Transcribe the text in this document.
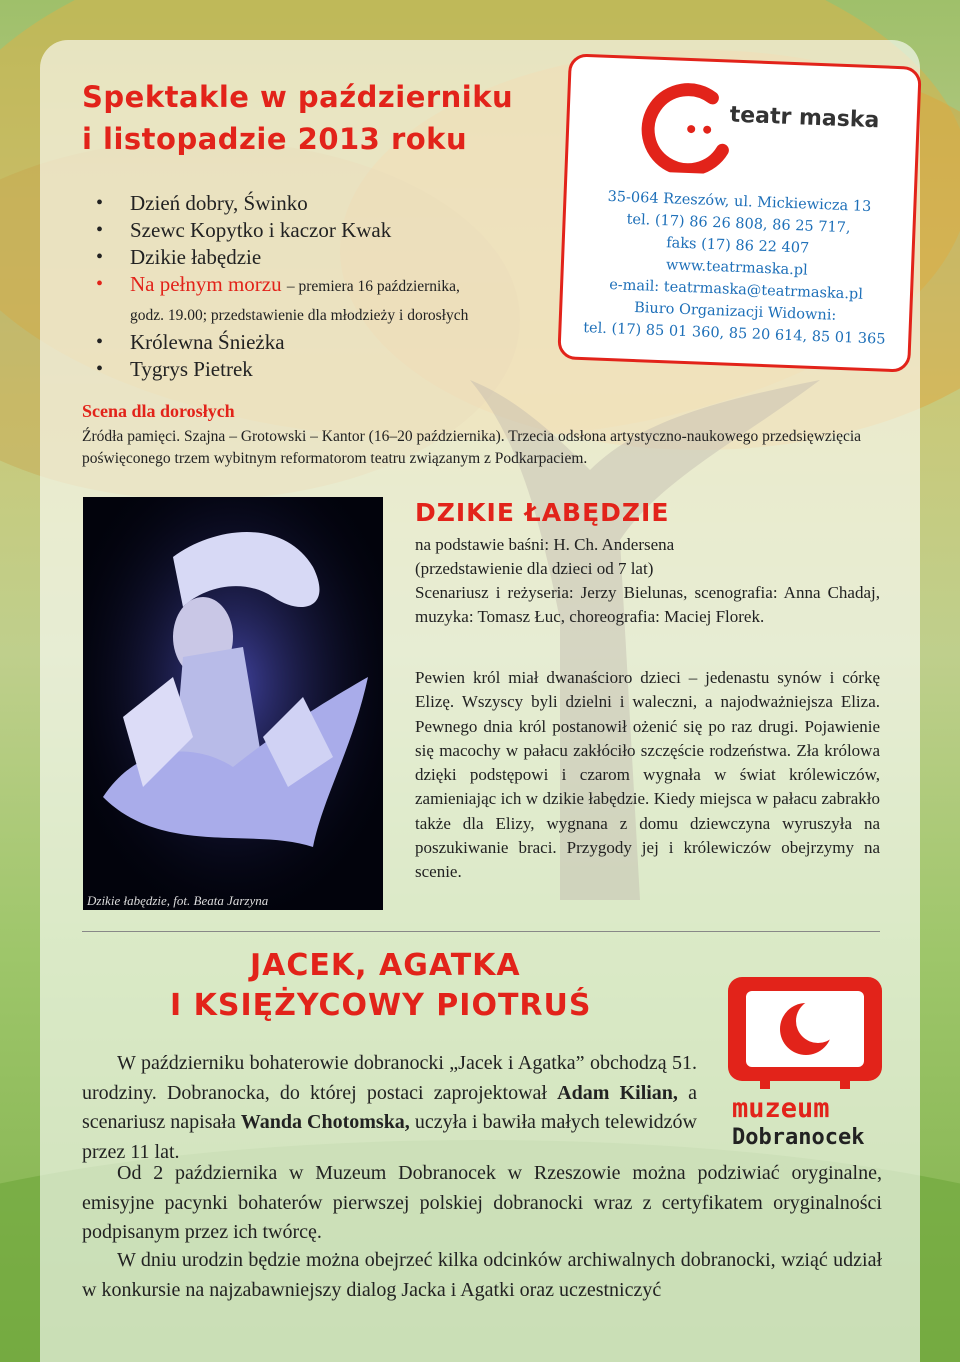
Spektakle w październiku
i listopadzie 2013 roku
• Dzień dobry, Świnko
• Szewc Kopytko i kaczor Kwak
• Dzikie łabędzie
• Na pełnym morzu – premiera 16 października,
godz. 19.00; przedstawienie dla młodzieży i dorosłych
• Królewna Śnieżka
• Tygrys Pietrek
teatr maska
35-064 Rzeszów, ul. Mickiewicza 13
tel. (17) 86 26 808, 86 25 717,
faks (17) 86 22 407
www.teatrmaska.pl
e-mail: teatrmaska@teatrmaska.pl
Biuro Organizacji Widowni:
tel. (17) 85 01 360, 85 20 614, 85 01 365
Scena dla dorosłych
Źródła pamięci. Szajna – Grotowski – Kantor (16–20 października). Trzecia odsłona artystyczno-naukowego przedsięwzięcia poświęconego trzem wybitnym reformatorom teatru związanym z Podkarpaciem.
Dzikie łabędzie, fot. Beata Jarzyna
DZIKIE ŁABĘDZIE
na podstawie baśni: H. Ch. Andersena
(przedstawienie dla dzieci od 7 lat)
Scenariusz i reżyseria: Jerzy Bielunas, scenografia: Anna Chadaj, muzyka: Tomasz Łuc, choreografia: Maciej Florek.
Pewien król miał dwanaścioro dzieci – jedenastu synów i córkę Elizę. Wszyscy byli dzielni i waleczni, a najodważniejsza Eliza. Pewnego dnia król postanowił ożenić się po raz drugi. Pojawienie się macochy w pałacu zakłóciło szczęście rodzeństwa. Zła królowa dzięki podstępowi i czarom wygnała w świat królewiczów, zamieniając ich w dzikie łabędzie. Kiedy miejsca w pałacu zabrakło także dla Elizy, wygnana z domu dziewczyna wyruszyła na poszukiwanie braci. Przygody jej i królewiczów obejrzymy na scenie.
JACEK, AGATKA
I KSIĘŻYCOWY PIOTRUŚ
muzeum
Dobranocek
W październiku bohaterowie dobranocki „Jacek i Agatka” obchodzą 51. urodziny. Dobranocka, do której postaci zaprojektował Adam Kilian, a scenariusz napisała Wanda Chotomska, uczyła i bawiła małych telewidzów przez 11 lat.
Od 2 października w Muzeum Dobranocek w Rzeszowie można podziwiać oryginalne, emisyjne pacynki bohaterów pierwszej polskiej dobranocki wraz z certyfikatem oryginalności podpisanym przez ich twórcę.
W dniu urodzin będzie można obejrzeć kilka odcinków archiwalnych dobranocki, wziąć udział w konkursie na najzabawniejszy dialog Jacka i Agatki oraz uczestniczyć
